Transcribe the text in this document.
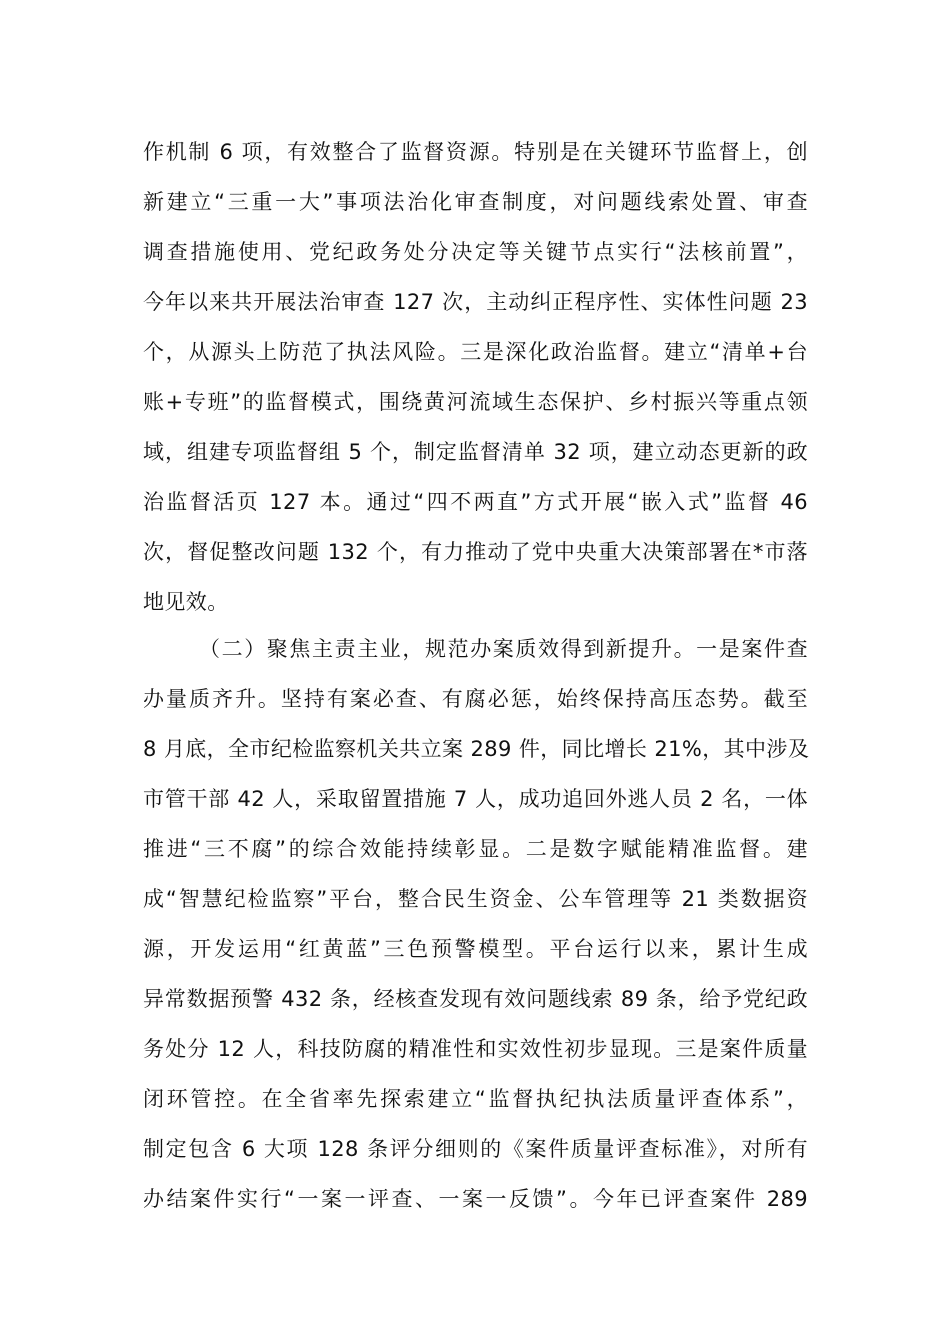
作机制 6 项，有效整合了监督资源。特别是在关键环节监督上，创
新建立“三重一大”事项法治化审查制度，对问题线索处置、审查
调查措施使用、党纪政务处分决定等关键节点实行“法核前置”，
今年以来共开展法治审查 127 次，主动纠正程序性、实体性问题 23
个，从源头上防范了执法风险。三是深化政治监督。建立“清单+台
账+专班”的监督模式，围绕黄河流域生态保护、乡村振兴等重点领
域，组建专项监督组 5 个，制定监督清单 32 项，建立动态更新的政
治监督活页 127 本。通过“四不两直”方式开展“嵌入式”监督 46
次，督促整改问题 132 个，有力推动了党中央重大决策部署在*市落
地见效。
（二）聚焦主责主业，规范办案质效得到新提升。一是案件查
办量质齐升。坚持有案必查、有腐必惩，始终保持高压态势。截至
8 月底，全市纪检监察机关共立案 289 件，同比增长 21%，其中涉及
市管干部 42 人，采取留置措施 7 人，成功追回外逃人员 2 名，一体
推进“三不腐”的综合效能持续彰显。二是数字赋能精准监督。建
成“智慧纪检监察”平台，整合民生资金、公车管理等 21 类数据资
源，开发运用“红黄蓝”三色预警模型。平台运行以来，累计生成
异常数据预警 432 条，经核查发现有效问题线索 89 条，给予党纪政
务处分 12 人，科技防腐的精准性和实效性初步显现。三是案件质量
闭环管控。在全省率先探索建立“监督执纪执法质量评查体系”，
制定包含 6 大项 128 条评分细则的《案件质量评查标准》，对所有
办结案件实行“一案一评查、一案一反馈”。今年已评查案件 289
